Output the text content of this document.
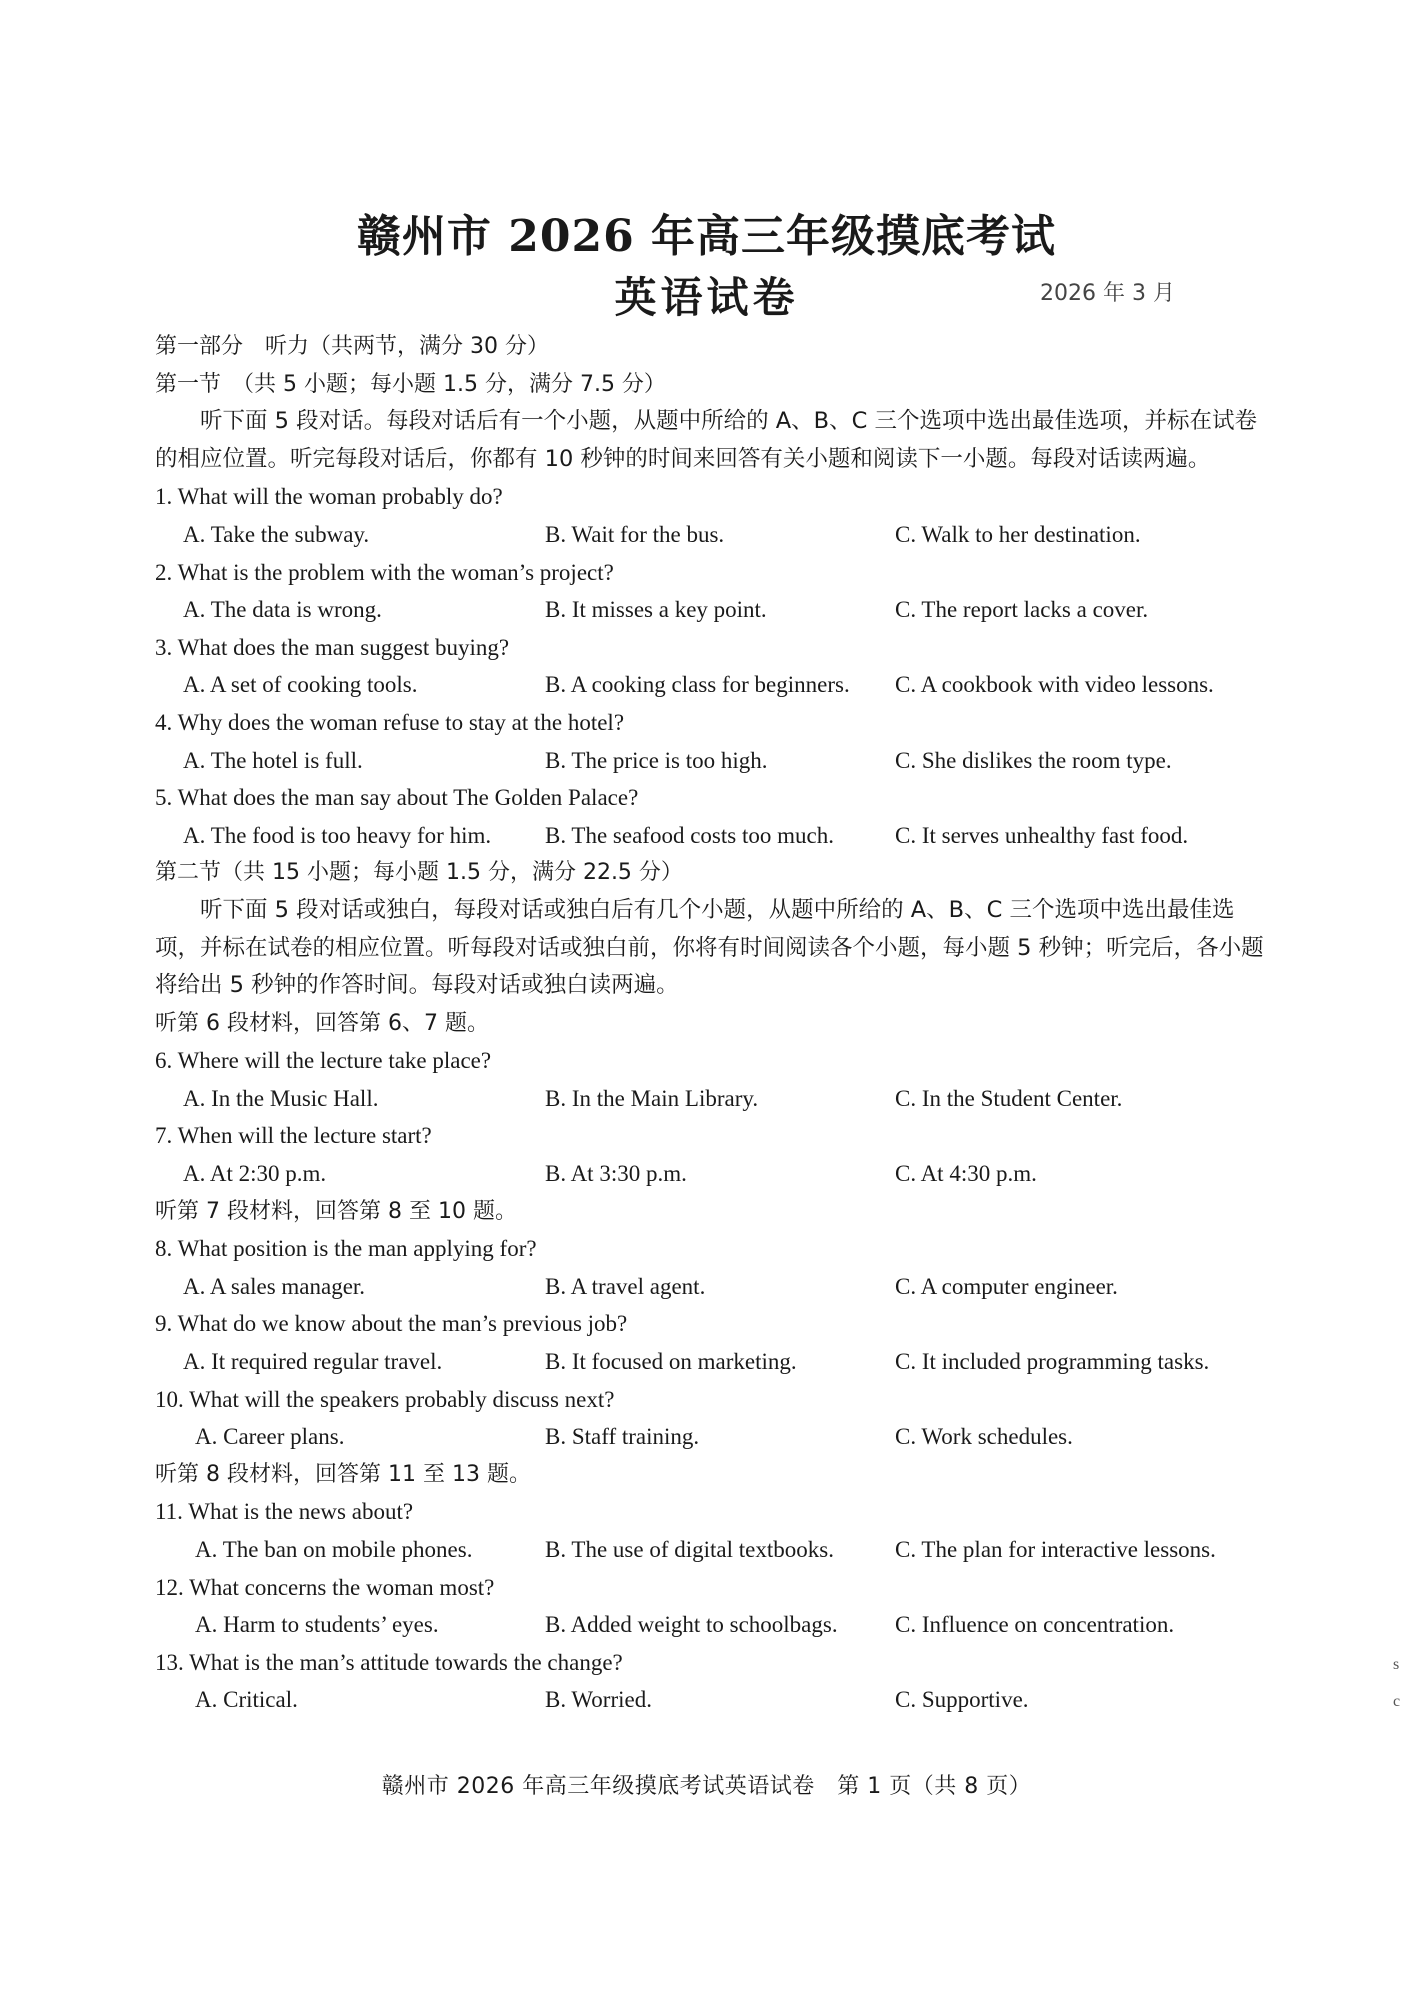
赣州市 2026 年高三年级摸底考试
英语试卷	2026 年 3 月
第一部分　听力（共两节，满分 30 分）
第一节　（共 5 小题；每小题 1.5 分，满分 7.5 分）
听下面 5 段对话。每段对话后有一个小题，从题中所给的 A、B、C 三个选项中选出最佳选项，并标在试卷的相应位置。听完每段对话后，你都有 10 秒钟的时间来回答有关小题和阅读下一小题。每段对话读两遍。
1. What will the woman probably do?
A. Take the subway.	B. Wait for the bus.	C. Walk to her destination.
2. What is the problem with the woman’s project?
A. The data is wrong.	B. It misses a key point.	C. The report lacks a cover.
3. What does the man suggest buying?
A. A set of cooking tools.	B. A cooking class for beginners.	C. A cookbook with video lessons.
4. Why does the woman refuse to stay at the hotel?
A. The hotel is full.	B. The price is too high.	C. She dislikes the room type.
5. What does the man say about The Golden Palace?
A. The food is too heavy for him.	B. The seafood costs too much.	C. It serves unhealthy fast food.
第二节（共 15 小题；每小题 1.5 分，满分 22.5 分）
听下面 5 段对话或独白，每段对话或独白后有几个小题，从题中所给的 A、B、C 三个选项中选出最佳选项，并标在试卷的相应位置。听每段对话或独白前，你将有时间阅读各个小题，每小题 5 秒钟；听完后，各小题将给出 5 秒钟的作答时间。每段对话或独白读两遍。
听第 6 段材料，回答第 6、7 题。
6. Where will the lecture take place?
A. In the Music Hall.	B. In the Main Library.	C. In the Student Center.
7. When will the lecture start?
A. At 2:30 p.m.	B. At 3:30 p.m.	C. At 4:30 p.m.
听第 7 段材料，回答第 8 至 10 题。
8. What position is the man applying for?
A. A sales manager.	B. A travel agent.	C. A computer engineer.
9. What do we know about the man’s previous job?
A. It required regular travel.	B. It focused on marketing.	C. It included programming tasks.
10. What will the speakers probably discuss next?
A. Career plans.	B. Staff training.	C. Work schedules.
听第 8 段材料，回答第 11 至 13 题。
11. What is the news about?
A. The ban on mobile phones.	B. The use of digital textbooks.	C. The plan for interactive lessons.
12. What concerns the woman most?
A. Harm to students’ eyes.	B. Added weight to schoolbags.	C. Influence on concentration.
13. What is the man’s attitude towards the change?
A. Critical.	B. Worried.	C. Supportive.
赣州市 2026 年高三年级摸底考试英语试卷　第 1 页（共 8 页）
s
c
